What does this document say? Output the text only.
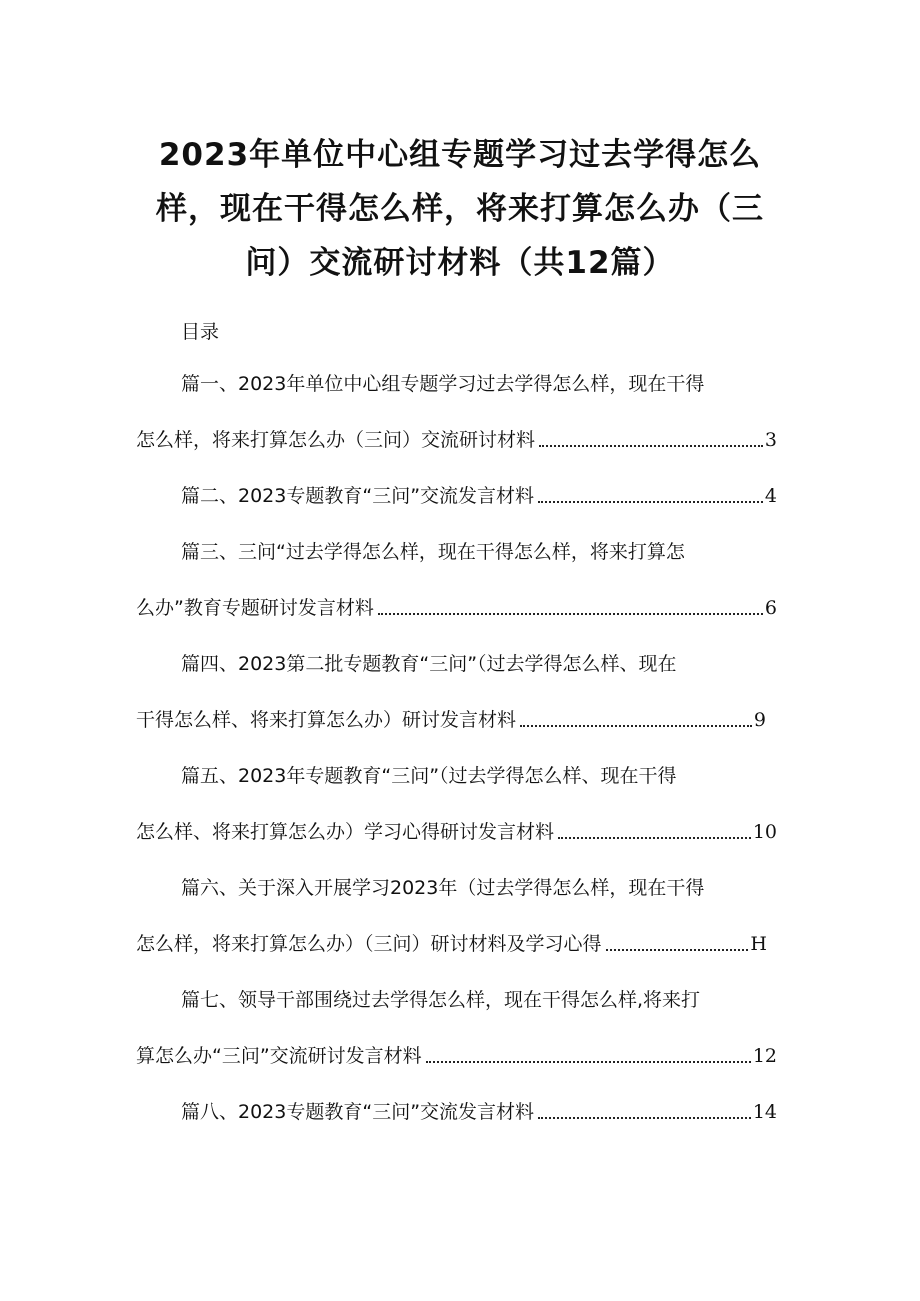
2023年单位中心组专题学习过去学得怎么样，现在干得怎么样，将来打算怎么办（三问）交流研讨材料（共12篇）
目录
篇一、2023年单位中心组专题学习过去学得怎么样，现在干得
怎么样，将来打算怎么办（三问）交流研讨材料	3
篇二、2023专题教育“三问”交流发言材料	4
篇三、三问“过去学得怎么样，现在干得怎么样，将来打算怎
么办”教育专题研讨发言材料	6
篇四、2023第二批专题教育“三问”（过去学得怎么样、现在
干得怎么样、将来打算怎么办）研讨发言材料	9
篇五、2023年专题教育“三问”（过去学得怎么样、现在干得
怎么样、将来打算怎么办）学习心得研讨发言材料	10
篇六、关于深入开展学习2023年（过去学得怎么样，现在干得
怎么样，将来打算怎么办）（三问）研讨材料及学习心得	H
篇七、领导干部围绕过去学得怎么样，现在干得怎么样,将来打
算怎么办“三问”交流研讨发言材料	12
篇八、2023专题教育“三问”交流发言材料	14
